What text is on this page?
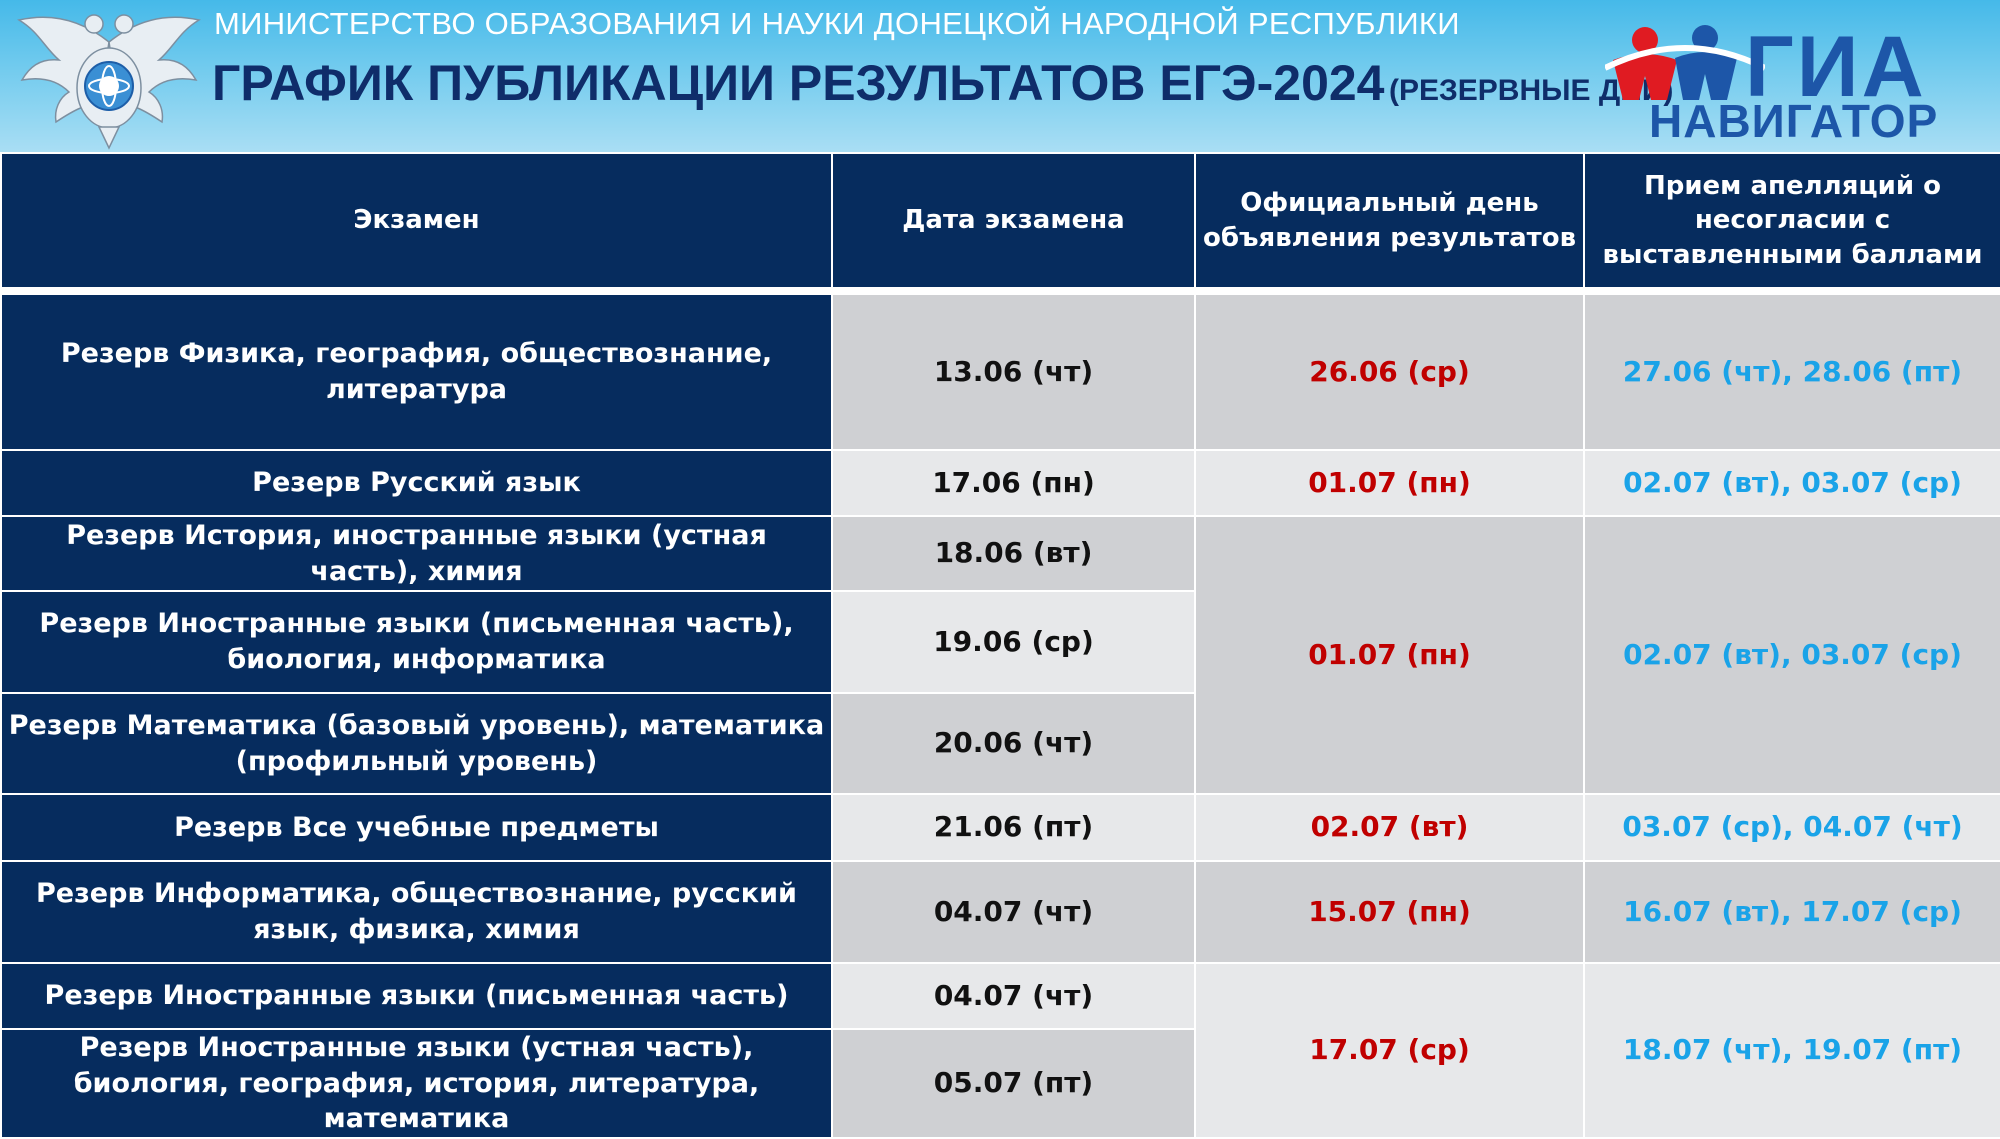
МИНИСТЕРСТВО ОБРАЗОВАНИЯ И НАУКИ ДОНЕЦКОЙ НАРОДНОЙ РЕСПУБЛИКИ
ГРАФИК ПУБЛИКАЦИИ РЕЗУЛЬТАТОВ ЕГЭ-2024 (РЕЗЕРВНЫЕ ДНИ) ГИА
НАВИГАТОР
Экзамен	Дата экзамена	Официальный день объявления результатов	Прием апелляций о несогласии с выставленными баллами
Резерв Физика, география, обществознание, литература	13.06 (чт)	26.06 (ср)	27.06 (чт), 28.06 (пт)
Резерв Русский язык	17.06 (пн)	01.07 (пн)	02.07 (вт), 03.07 (ср)
Резерв История, иностранные языки (устная часть), химия	18.06 (вт)	01.07 (пн)	02.07 (вт), 03.07 (ср)
Резерв Иностранные языки (письменная часть), биология, информатика	19.06 (ср)		
Резерв Математика (базовый уровень), математика (профильный уровень)	20.06 (чт)		
Резерв Все учебные предметы	21.06 (пт)	02.07 (вт)	03.07 (ср), 04.07 (чт)
Резерв Информатика, обществознание, русский язык, физика, химия	04.07 (чт)	15.07 (пн)	16.07 (вт), 17.07 (ср)
Резерв Иностранные языки (письменная часть)	04.07 (чт)	17.07 (ср)	18.07 (чт), 19.07 (пт)
Резерв Иностранные языки (устная часть), биология, география, история, литература, математика	05.07 (пт)		
